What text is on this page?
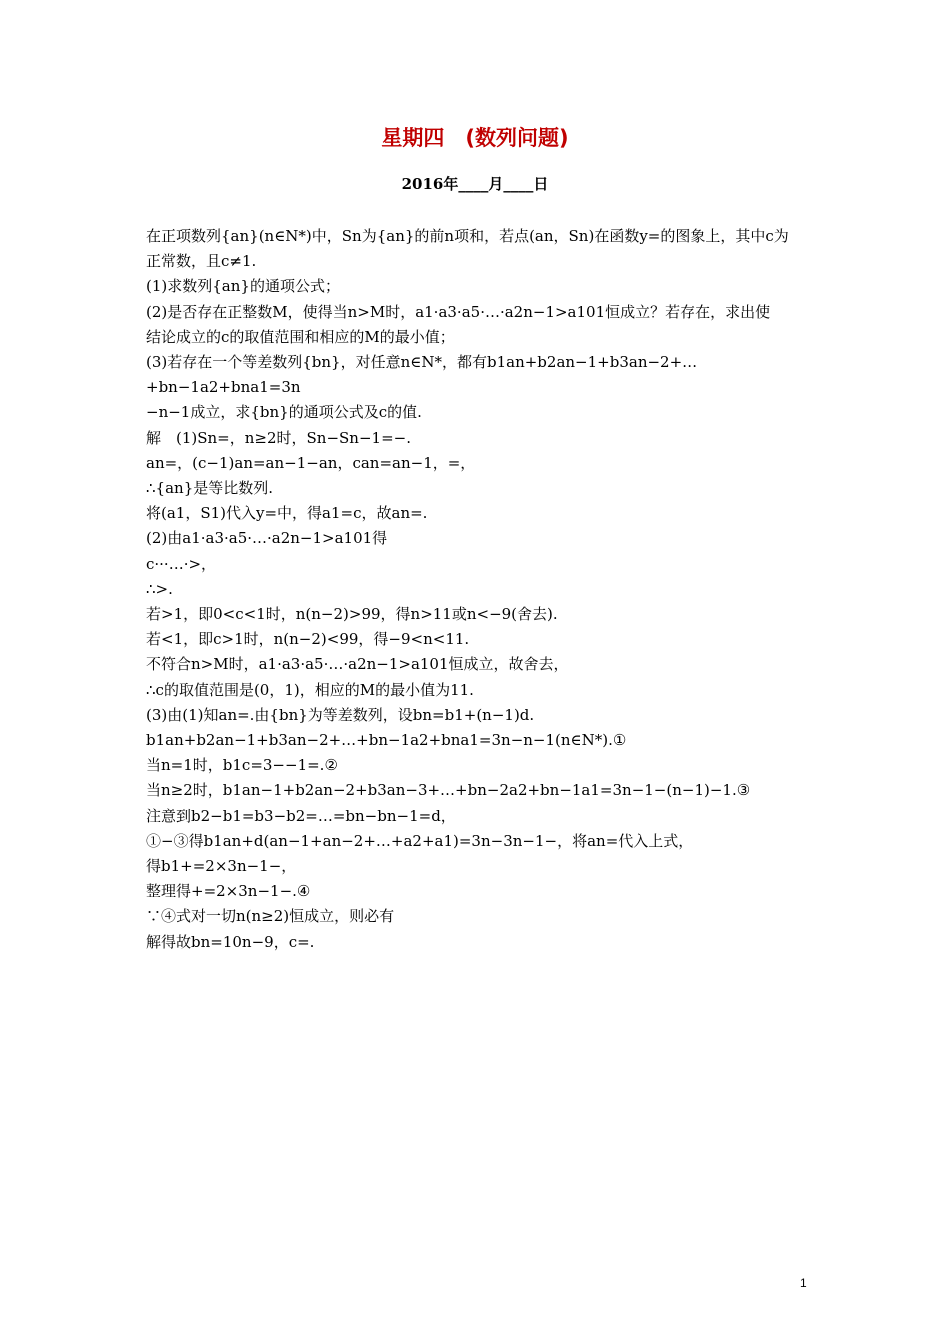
星期四　(数列问题)
2016年____月____日

在正项数列{an}(n∈N*)中，Sn为{an}的前n项和，若点(an，Sn)在函数y=的图象上，其中c为

正常数，且c≠1.

(1)求数列{an}的通项公式；

(2)是否存在正整数M，使得当n>M时，a1·a3·a5·…·a2n−1>a101恒成立？若存在，求出使

结论成立的c的取值范围和相应的M的最小值；

(3)若存在一个等差数列{bn}，对任意n∈N*，都有b1an+b2an−1+b3an−2+…+bn−1a2+bna1=3n

−n−1成立，求{bn}的通项公式及c的值.

解　(1)Sn=，n≥2时，Sn−Sn−1=−.

an=，(c−1)an=an−1−an，can=an−1，=，

∴{an}是等比数列.

将(a1，S1)代入y=中，得a1=c，故an=.

(2)由a1·a3·a5·…·a2n−1>a101得

c···…·>，

∴>.

若>1，即0<c<1时，n(n−2)>99，得n>11或n<−9(舍去).

若<1，即c>1时，n(n−2)<99，得−9<n<11.

不符合n>M时，a1·a3·a5·…·a2n−1>a101恒成立，故舍去，

∴c的取值范围是(0，1)，相应的M的最小值为11.

(3)由(1)知an=.由{bn}为等差数列，设bn=b1+(n−1)d.

b1an+b2an−1+b3an−2+…+bn−1a2+bna1=3n−n−1(n∈N*).①

当n=1时，b1c=3−−1=.②

当n≥2时，b1an−1+b2an−2+b3an−3+…+bn−2a2+bn−1a1=3n−1−(n−1)−1.③

注意到b2−b1=b3−b2=…=bn−bn−1=d，

①−③得b1an+d(an−1+an−2+…+a2+a1)=3n−3n−1−，将an=代入上式，

得b1+=2×3n−1−，

整理得+=2×3n−1−.④

∵④式对一切n(n≥2)恒成立，则必有

解得故bn=10n−9，c=.

1
